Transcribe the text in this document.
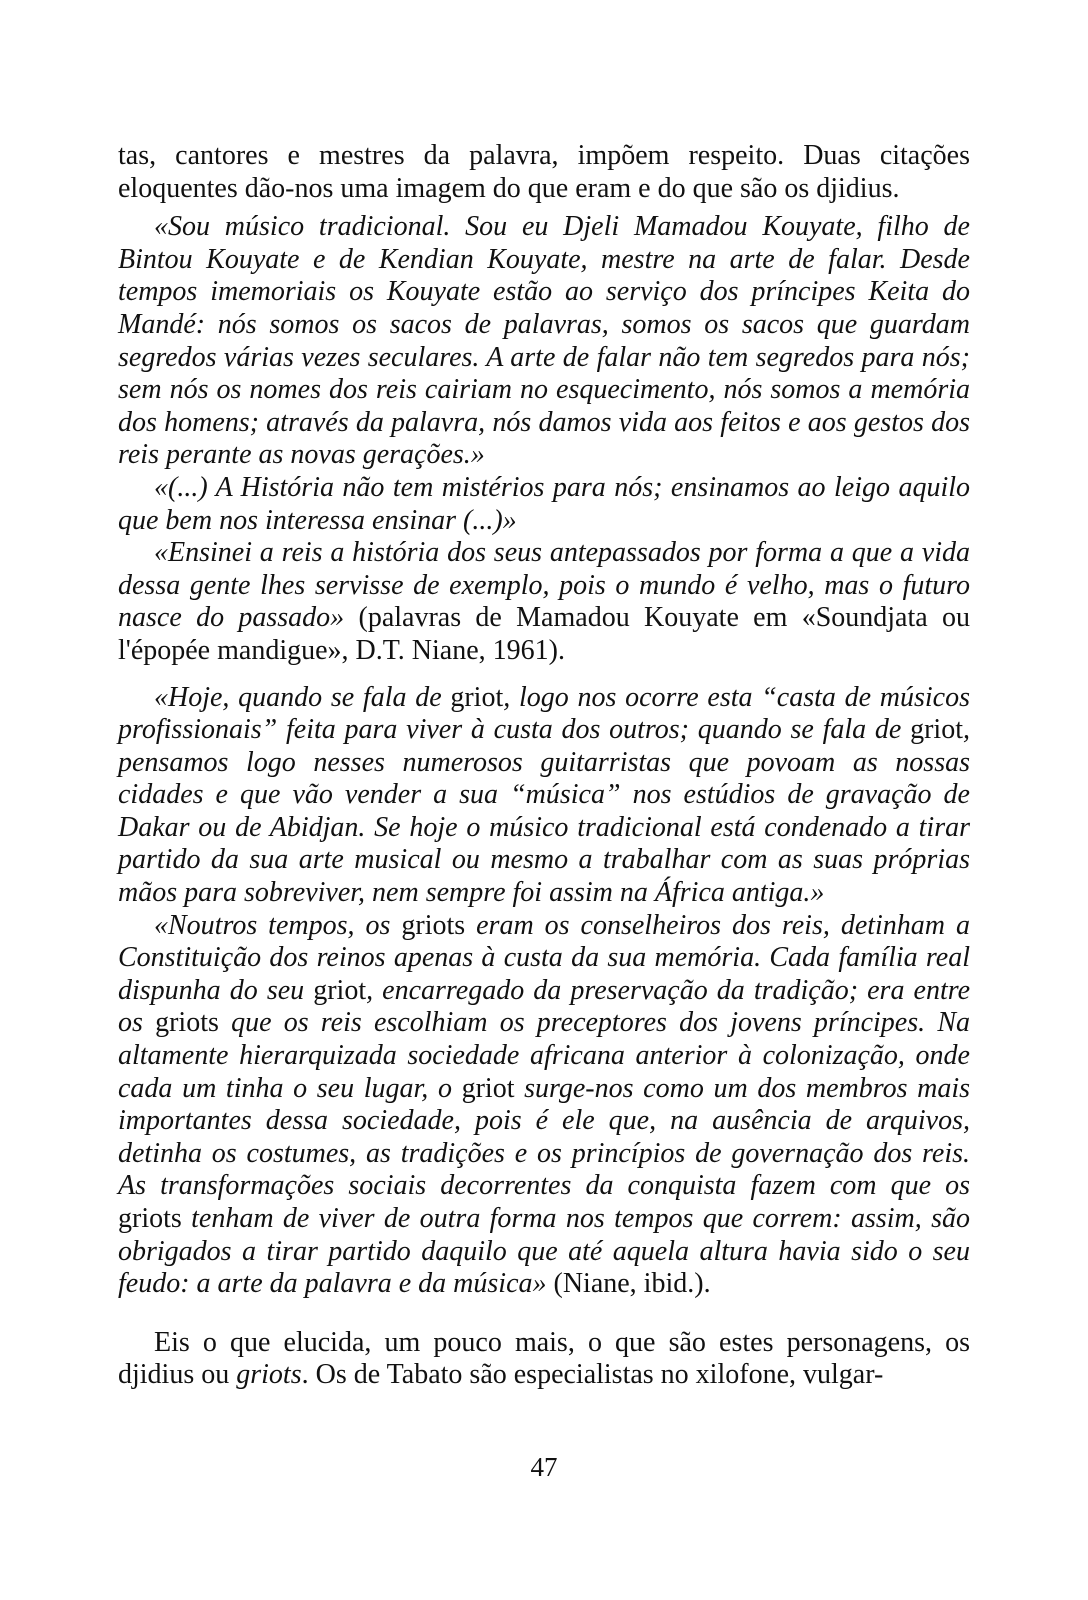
tas, cantores e mestres da palavra, impõem respeito. Duas citações eloquentes dão-nos uma imagem do que eram e do que são os djidius.

«Sou músico tradicional. Sou eu Djeli Mamadou Kouyate, filho de Bintou Kouyate e de Kendian Kouyate, mestre na arte de falar. Desde tempos imemoriais os Kouyate estão ao serviço dos príncipes Keita do Mandé: nós somos os sacos de palavras, somos os sacos que guardam segredos várias vezes seculares. A arte de falar não tem segredos para nós; sem nós os nomes dos reis cairiam no esquecimento, nós somos a memória dos homens; através da palavra, nós damos vida aos feitos e aos gestos dos reis perante as novas gerações.»

«(...) A História não tem mistérios para nós; ensinamos ao leigo aquilo que bem nos interessa ensinar (...)»

«Ensinei a reis a história dos seus antepassados por forma a que a vida dessa gente lhes servisse de exemplo, pois o mundo é velho, mas o futuro nasce do passado» (palavras de Mamadou Kouyate em «Soundjata ou l'épopée mandigue», D.T. Niane, 1961).

«Hoje, quando se fala de griot, logo nos ocorre esta “casta de músicos profissionais” feita para viver à custa dos outros; quando se fala de griot, pensamos logo nesses numerosos guitarristas que povoam as nossas cidades e que vão vender a sua “música” nos estúdios de gravação de Dakar ou de Abidjan. Se hoje o músico tradicional está condenado a tirar partido da sua arte musical ou mesmo a trabalhar com as suas próprias mãos para sobreviver, nem sempre foi assim na África antiga.»

«Noutros tempos, os griots eram os conselheiros dos reis, detinham a Constituição dos reinos apenas à custa da sua memória. Cada família real dispunha do seu griot, encarregado da preservação da tradição; era entre os griots que os reis escolhiam os preceptores dos jovens príncipes. Na altamente hierarquizada sociedade africana anterior à colonização, onde cada um tinha o seu lugar, o griot surge-nos como um dos membros mais importantes dessa sociedade, pois é ele que, na ausência de arquivos, detinha os costumes, as tradições e os princípios de governação dos reis. As transformações sociais decorrentes da conquista fazem com que os griots tenham de viver de outra forma nos tempos que correm: assim, são obrigados a tirar partido daquilo que até aquela altura havia sido o seu feudo: a arte da palavra e da música» (Niane, ibid.).

Eis o que elucida, um pouco mais, o que são estes personagens, os djidius ou griots. Os de Tabato são especialistas no xilofone, vulgar-

47
